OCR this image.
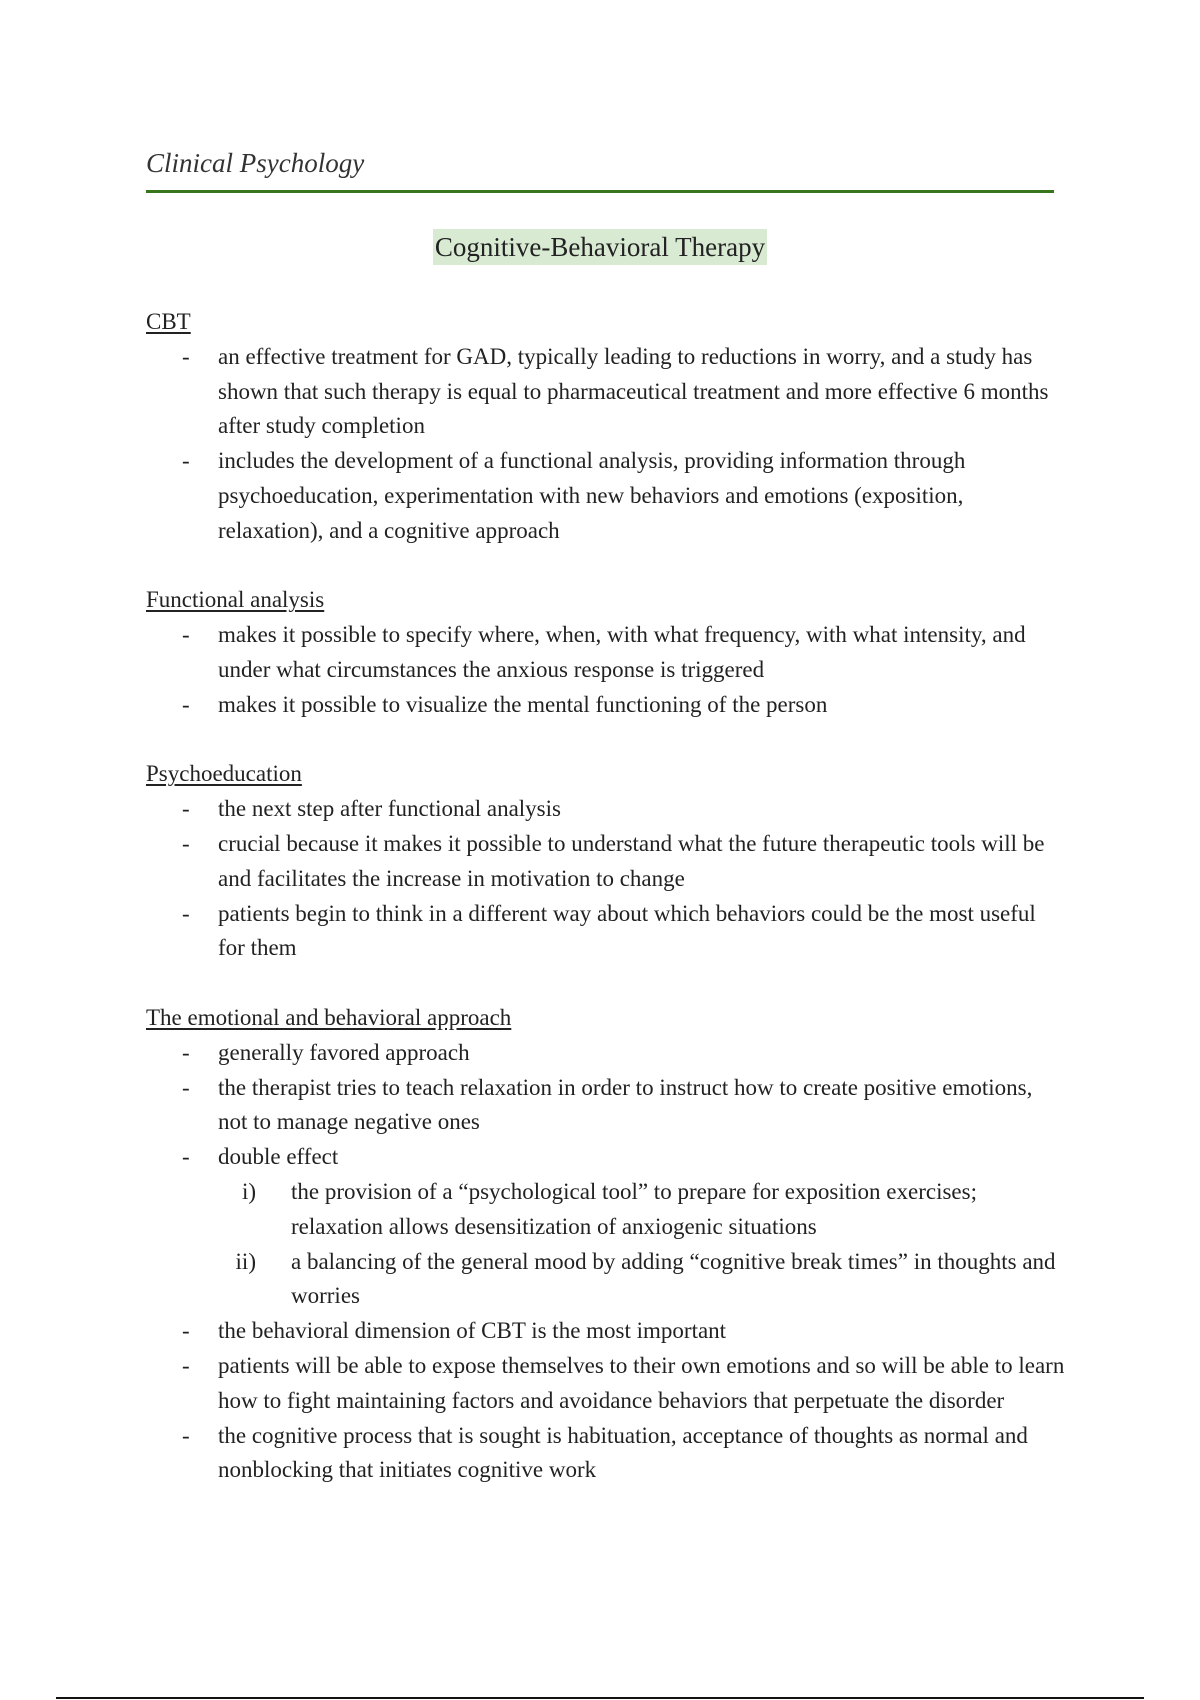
Clinical Psychology
Cognitive-Behavioral Therapy
CBT
- an effective treatment for GAD, typically leading to reductions in worry, and a study has shown that such therapy is equal to pharmaceutical treatment and more effective 6 months after study completion
- includes the development of a functional analysis, providing information through psychoeducation, experimentation with new behaviors and emotions (exposition, relaxation), and a cognitive approach
Functional analysis
- makes it possible to specify where, when, with what frequency, with what intensity, and under what circumstances the anxious response is triggered
- makes it possible to visualize the mental functioning of the person
Psychoeducation
- the next step after functional analysis
- crucial because it makes it possible to understand what the future therapeutic tools will be and facilitates the increase in motivation to change
- patients begin to think in a different way about which behaviors could be the most useful for them
The emotional and behavioral approach
- generally favored approach
- the therapist tries to teach relaxation in order to instruct how to create positive emotions, not to manage negative ones
- double effect
i) the provision of a “psychological tool” to prepare for exposition exercises; relaxation allows desensitization of anxiogenic situations
ii) a balancing of the general mood by adding “cognitive break times” in thoughts and worries
- the behavioral dimension of CBT is the most important
- patients will be able to expose themselves to their own emotions and so will be able to learn how to fight maintaining factors and avoidance behaviors that perpetuate the disorder
- the cognitive process that is sought is habituation, acceptance of thoughts as normal and nonblocking that initiates cognitive work
